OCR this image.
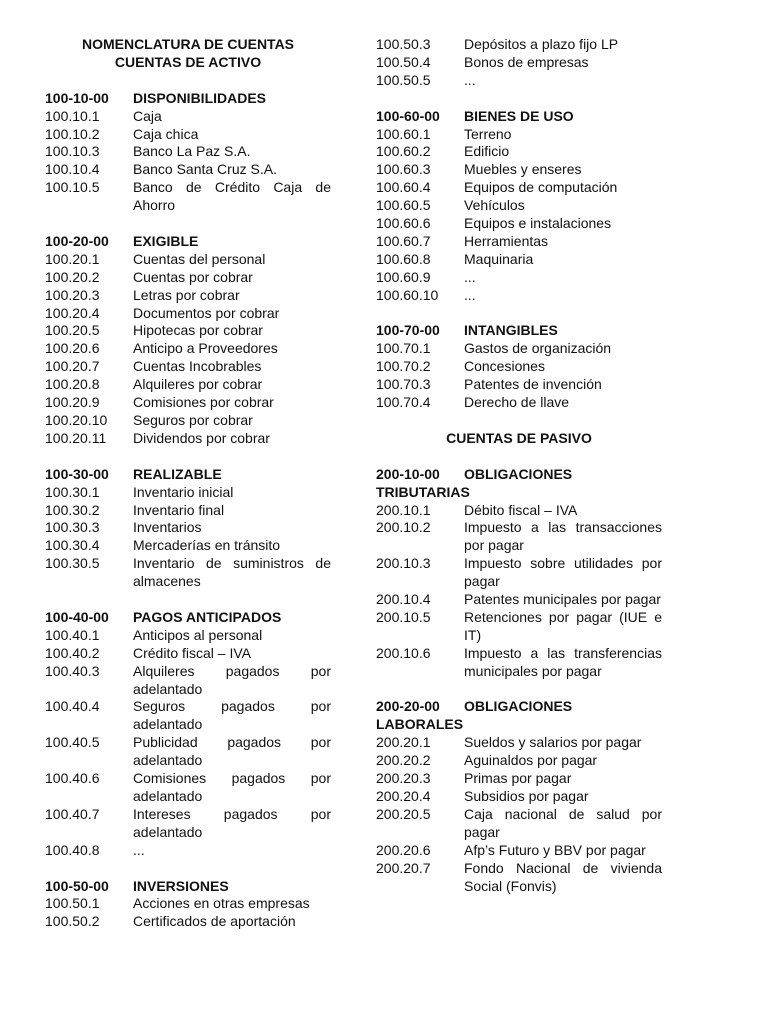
NOMENCLATURA DE CUENTAS
CUENTAS DE ACTIVO
100-10-00	DISPONIBILIDADES
100.10.1	Caja
100.10.2	Caja chica
100.10.3	Banco La Paz S.A.
100.10.4	Banco Santa Cruz S.A.
100.10.5	Banco de Crédito Caja de Ahorro
100-20-00	EXIGIBLE
100.20.1	Cuentas del personal
100.20.2	Cuentas por cobrar
100.20.3	Letras por cobrar
100.20.4	Documentos por cobrar
100.20.5	Hipotecas por cobrar
100.20.6	Anticipo a Proveedores
100.20.7	Cuentas Incobrables
100.20.8	Alquileres por cobrar
100.20.9	Comisiones por cobrar
100.20.10	Seguros por cobrar
100.20.11	Dividendos por cobrar
100-30-00	REALIZABLE
100.30.1	Inventario inicial
100.30.2	Inventario final
100.30.3	Inventarios
100.30.4	Mercaderías en tránsito
100.30.5	Inventario de suministros de almacenes
100-40-00	PAGOS ANTICIPADOS
100.40.1	Anticipos al personal
100.40.2	Crédito fiscal – IVA
100.40.3	Alquileres pagados por adelantado
100.40.4	Seguros pagados por adelantado
100.40.5	Publicidad pagados por adelantado
100.40.6	Comisiones pagados por adelantado
100.40.7	Intereses pagados por adelantado
100.40.8	...
100-50-00	INVERSIONES
100.50.1	Acciones en otras empresas
100.50.2	Certificados de aportación
100.50.3	Depósitos a plazo fijo LP
100.50.4	Bonos de empresas
100.50.5	...
100-60-00	BIENES DE USO
100.60.1	Terreno
100.60.2	Edificio
100.60.3	Muebles y enseres
100.60.4	Equipos de computación
100.60.5	Vehículos
100.60.6	Equipos e instalaciones
100.60.7	Herramientas
100.60.8	Maquinaria
100.60.9	...
100.60.10	...
100-70-00	INTANGIBLES
100.70.1	Gastos de organización
100.70.2	Concesiones
100.70.3	Patentes de invención
100.70.4	Derecho de llave
CUENTAS DE PASIVO
200-10-00 OBLIGACIONES TRIBUTARIAS
200.10.1	Débito fiscal – IVA
200.10.2	Impuesto a las transacciones por pagar
200.10.3	Impuesto sobre utilidades por pagar
200.10.4	Patentes municipales por pagar
200.10.5	Retenciones por pagar (IUE e IT)
200.10.6	Impuesto a las transferencias municipales por pagar
200-20-00 OBLIGACIONES LABORALES
200.20.1	Sueldos y salarios por pagar
200.20.2	Aguinaldos por pagar
200.20.3	Primas por pagar
200.20.4	Subsidios por pagar
200.20.5	Caja nacional de salud por pagar
200.20.6	Afp’s Futuro y BBV por pagar
200.20.7	Fondo Nacional de vivienda Social (Fonvis)
